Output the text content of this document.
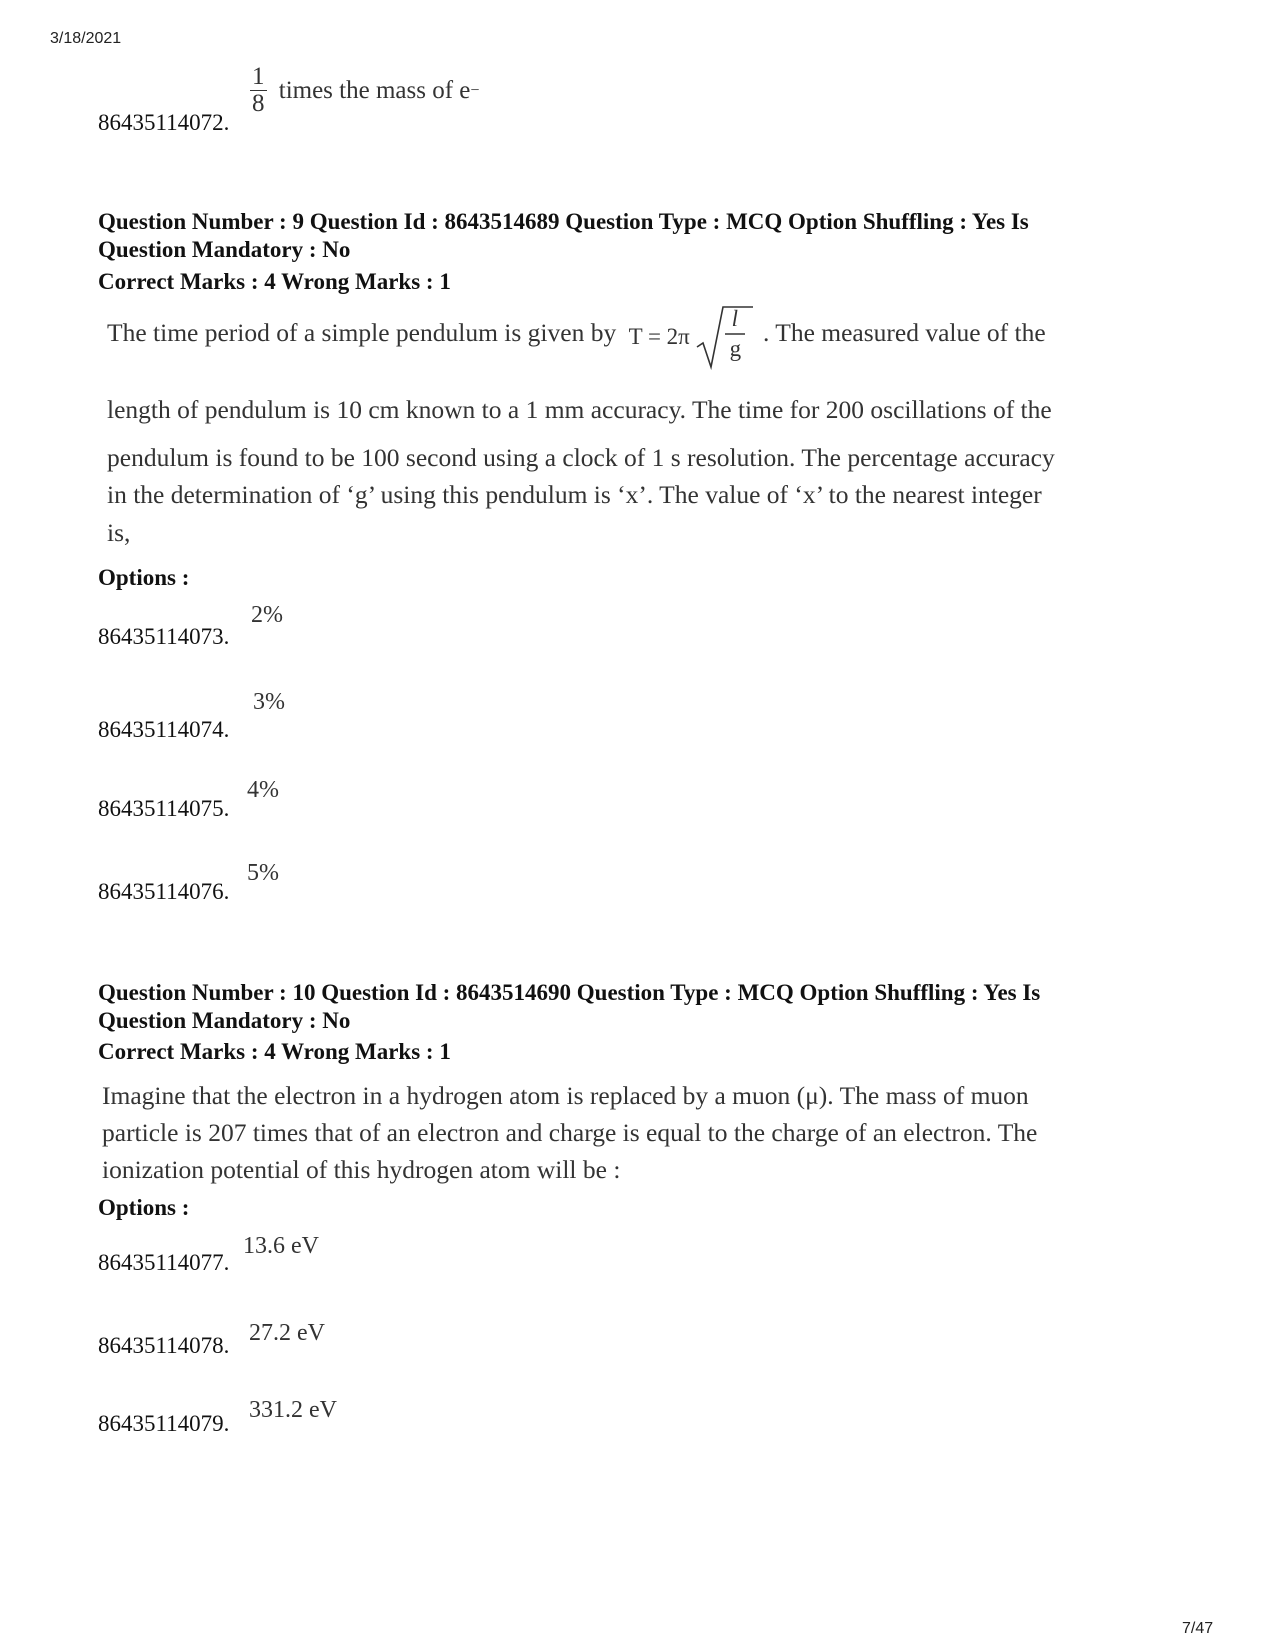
3/18/2021
$\frac{1}{8}$ times the mass of e−
86435114072.
Question Number : 9 Question Id : 8643514689 Question Type : MCQ Option Shuffling : Yes Is
Question Mandatory : No
Correct Marks : 4 Wrong Marks : 1
The time period of a simple pendulum is given by T = 2π
l
g
. The measured value of the
length of pendulum is 10 cm known to a 1 mm accuracy. The time for 200 oscillations of the
pendulum is found to be 100 second using a clock of 1 s resolution. The percentage accuracy
in the determination of ‘g’ using this pendulum is ‘x’. The value of ‘x’ to the nearest integer
is,
Options :
2%
86435114073.
3%
86435114074.
4%
86435114075.
5%
86435114076.
Question Number : 10 Question Id : 8643514690 Question Type : MCQ Option Shuffling : Yes Is
Question Mandatory : No
Correct Marks : 4 Wrong Marks : 1
Imagine that the electron in a hydrogen atom is replaced by a muon (μ). The mass of muon
particle is 207 times that of an electron and charge is equal to the charge of an electron. The
ionization potential of this hydrogen atom will be :
Options :
13.6 eV
86435114077.
27.2 eV
86435114078.
331.2 eV
86435114079.
7/47
